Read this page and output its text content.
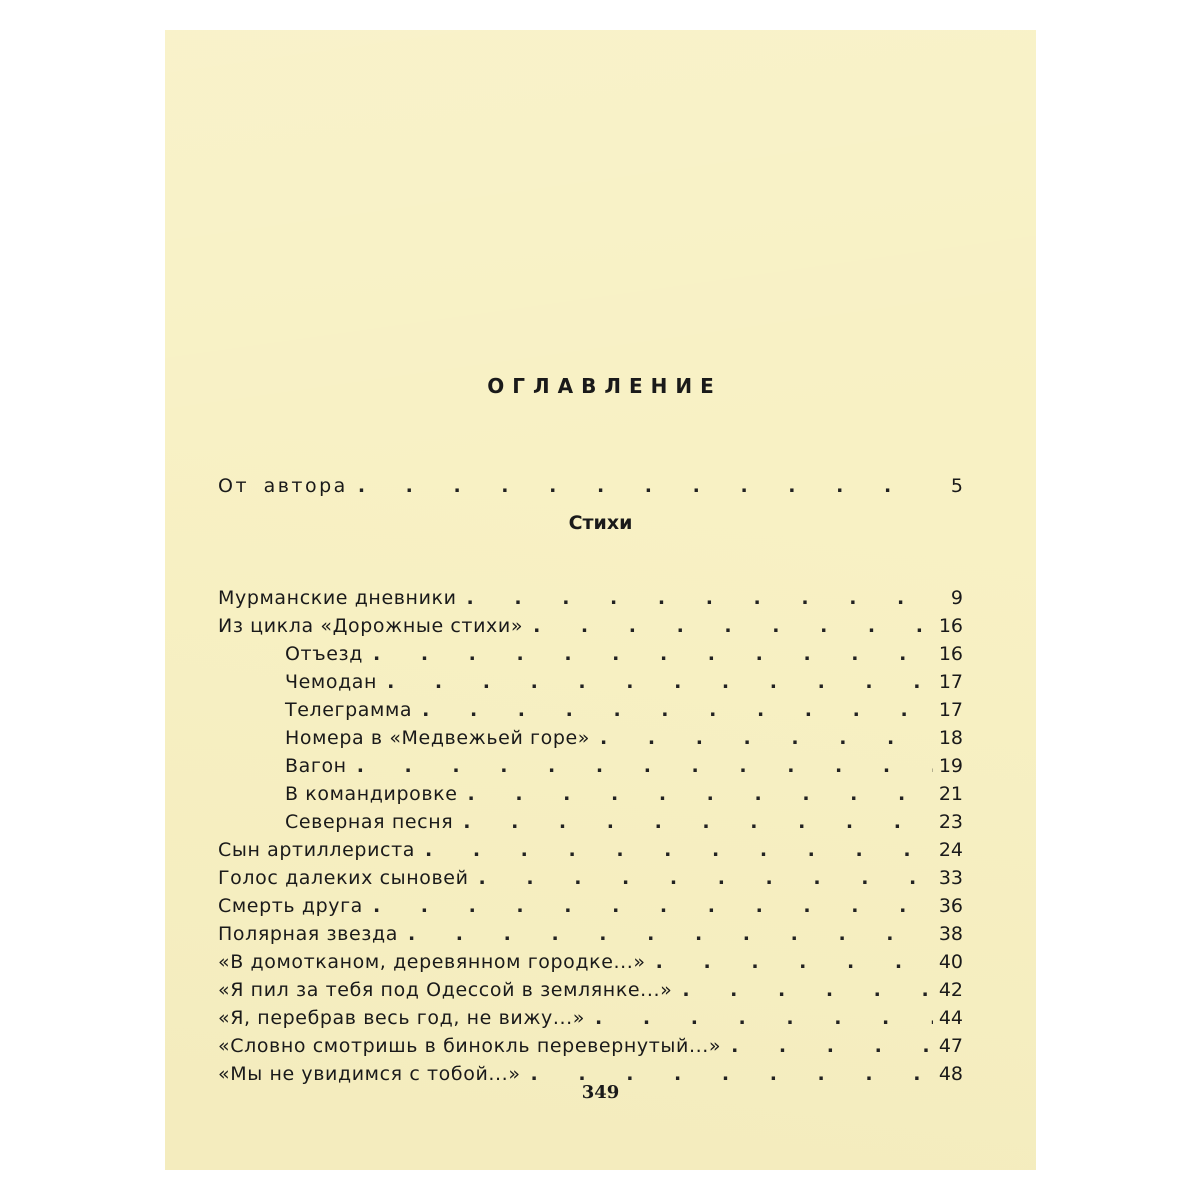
ОГЛАВЛЕНИЕ
От автора . . .	5
Стихи
Мурманские дневники . . .	9
Из цикла «Дорожные стихи» . . .	16
Отъезд . . .	16
Чемодан . . .	17
Телеграмма . . .	17
Номера в «Медвежьей горе» . . .	18
Вагон . . .	19
В командировке . . .	21
Северная песня . . .	23
Сын артиллериста . . .	24
Голос далеких сыновей . . .	33
Смерть друга . . .	36
Полярная звезда . . .	38
«В домотканом, деревянном городке...» . . .	40
«Я пил за тебя под Одессой в землянке...» . . .	42
«Я, перебрав весь год, не вижу...» . . .	44
«Словно смотришь в бинокль перевернутый...» . . .	47
«Мы не увидимся с тобой...» . . .	48
349
